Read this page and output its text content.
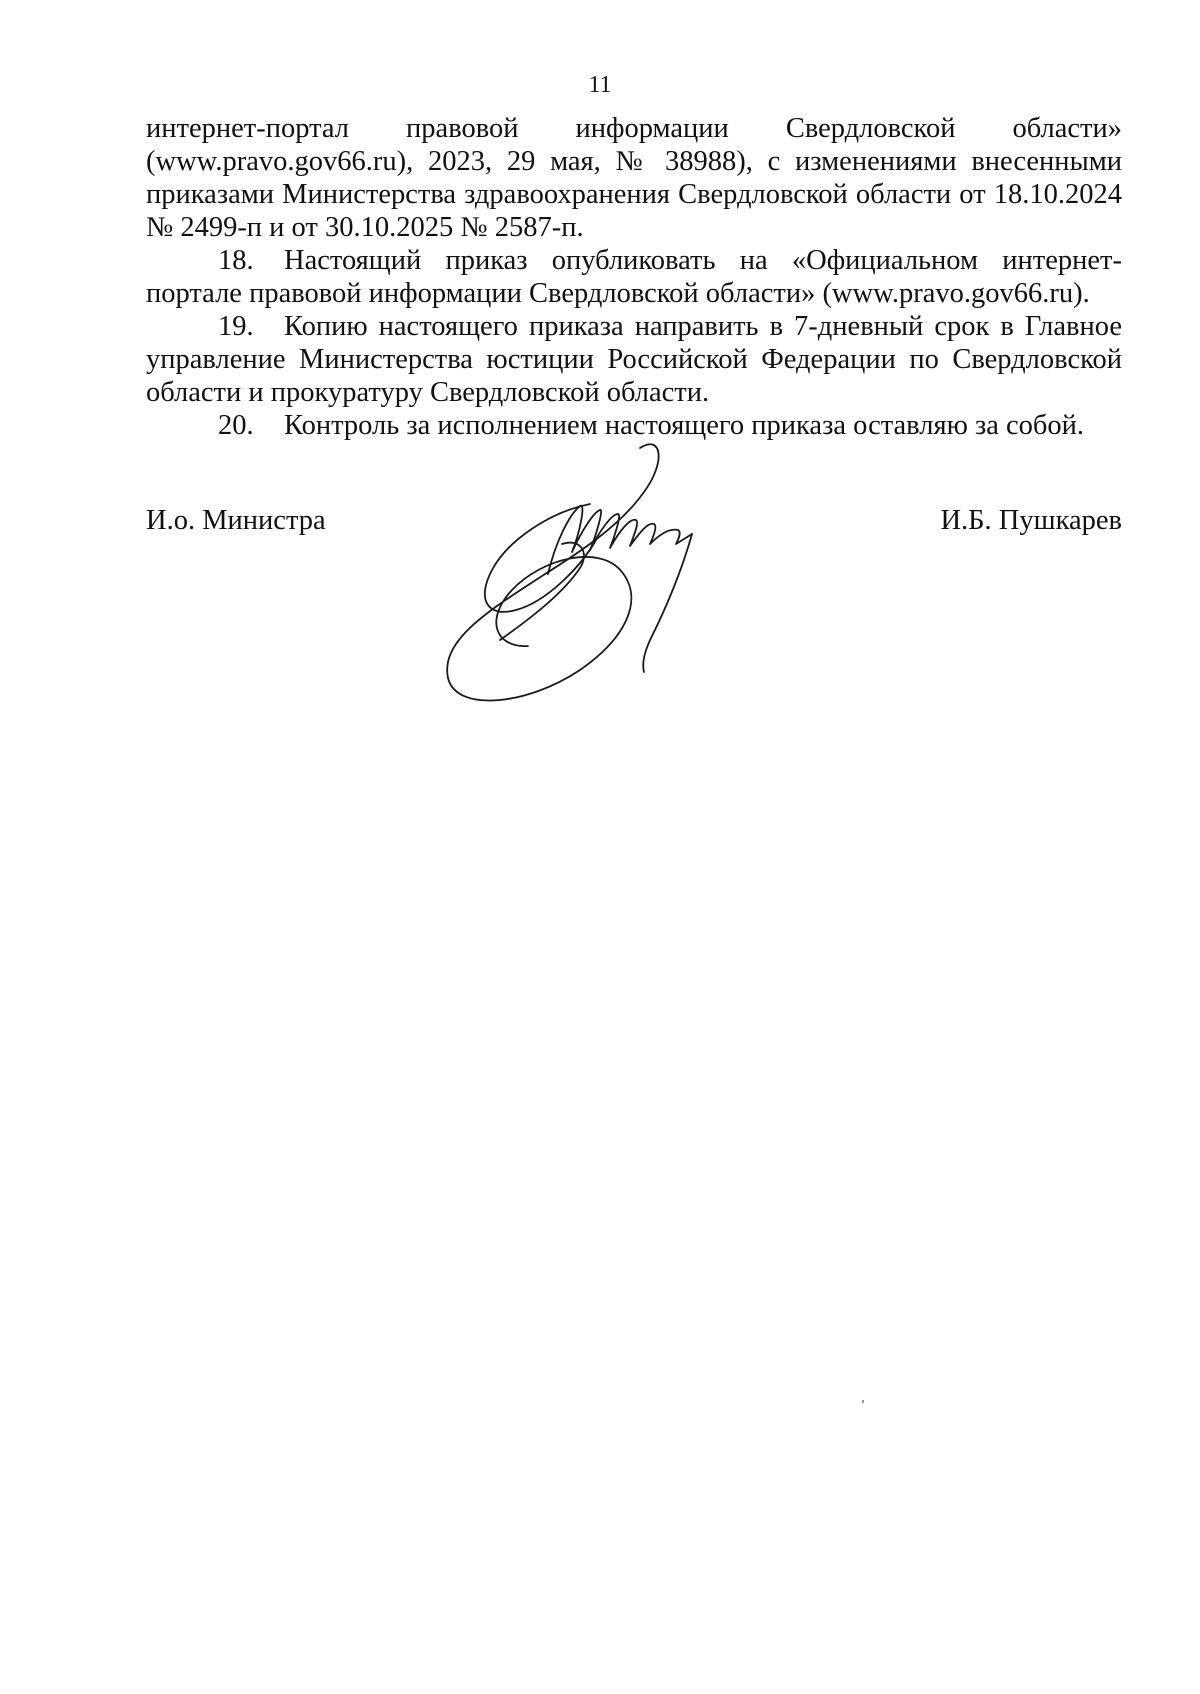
11

интернет-портал правовой информации Свердловской области» (www.pravo.gov66.ru), 2023, 29 мая, № 38988), с изменениями внесенными приказами Министерства здравоохранения Свердловской области от 18.10.2024 № 2499-п и от 30.10.2025 № 2587-п.

18. Настоящий приказ опубликовать на «Официальном интернет-портале правовой информации Свердловской области» (www.pravo.gov66.ru).

19. Копию настоящего приказа направить в 7-дневный срок в Главное управление Министерства юстиции Российской Федерации по Свердловской области и прокуратуру Свердловской области.

20. Контроль за исполнением настоящего приказа оставляю за собой.

И.о. Министра	И.Б. Пушкарев
